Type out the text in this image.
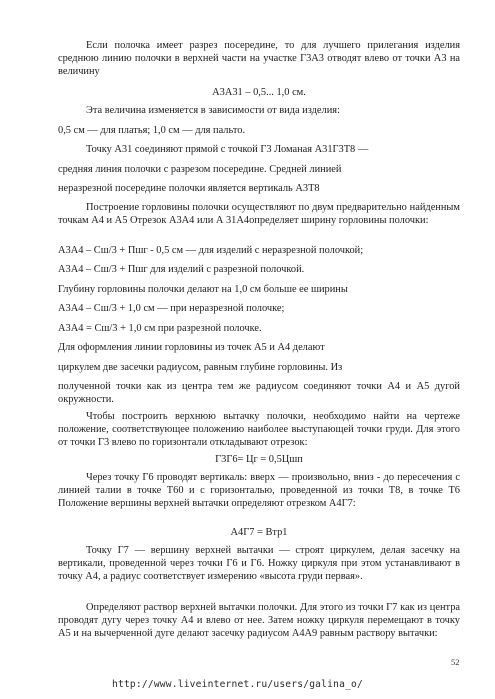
Если полочка имеет разрез посередине, то для лучшего прилегания изделия среднюю линию полочки в верхней части на участке Г3А3 отводят влево от точки А3 на величину

А3А31 – 0,5... 1,0 см.

Эта величина изменяется в зависимости от вида изделия:

0,5 см — для платья; 1,0 см — для пальто.

Точку А31 соединяют прямой с точкой Г3 Ломаная А31Г3Т8 —

средняя линия полочки с разрезом посередине. Средней линией

неразрезной посередине полочки является вертикаль А3Т8

Построение горловины полочки осуществляют по двум предварительно найденным точкам А4 и А5 Отрезок А3А4 или А 31А4определяет ширину горловины полочки:

А3А4 – Сш/3 + Пшг - 0,5 см — для изделий с неразрезной полочкой;

А3А4 – Сш/3 + Пшг для изделий с разрезной полочкой.

Глубину горловины полочки делают на 1,0 см больше ее ширины

А3А4 – Сш/3 + 1,0 см — при неразрезной полочке;

А3А4 = Сш/3 + 1,0 см при разрезной полочке.

Для оформления линии горловины из точек А5 и А4 делают

циркулем две засечки радиусом, равным глубине горловины. Из

полученной точки как из центра тем же радиусом соединяют точки А4 и А5 дугой окружности.

Чтобы построить верхнюю вытачку полочки, необходимо найти на чертеже положение, соответствующее положению наиболее выступающей точки груди. Для этого от точки Г3 влево по горизонтали откладывают отрезок:

Г3Г6= Цг = 0,5Цшп

Через точку Г6 проводят вертикаль: вверх — произвольно, вниз - до пересечения с линией талии в точке Т60 и с горизонталью, проведенной из точки Т8, в точке Т6 Положение вершины верхней вытачки определяют отрезком А4Г7:

А4Г7 = Втр1

Точку Г7 — вершину верхней вытачки — строят циркулем, делая засечку на вертикали, проведенной через точки Г6 и Г6. Ножку циркуля при этом устанавливают в точку А4, а радиус соответствует измерению «высота груди первая».

Определяют раствор верхней вытачки полочки. Для этого из точки Г7 как из центра проводят дугу через точку А4 и влево от нее. Затем ножку циркуля перемещают в точку А5 и на вычерченной дуге делают засечку радиусом А4А9 равным раствору вытачки:

52
http://www.liveinternet.ru/users/galina_o/
